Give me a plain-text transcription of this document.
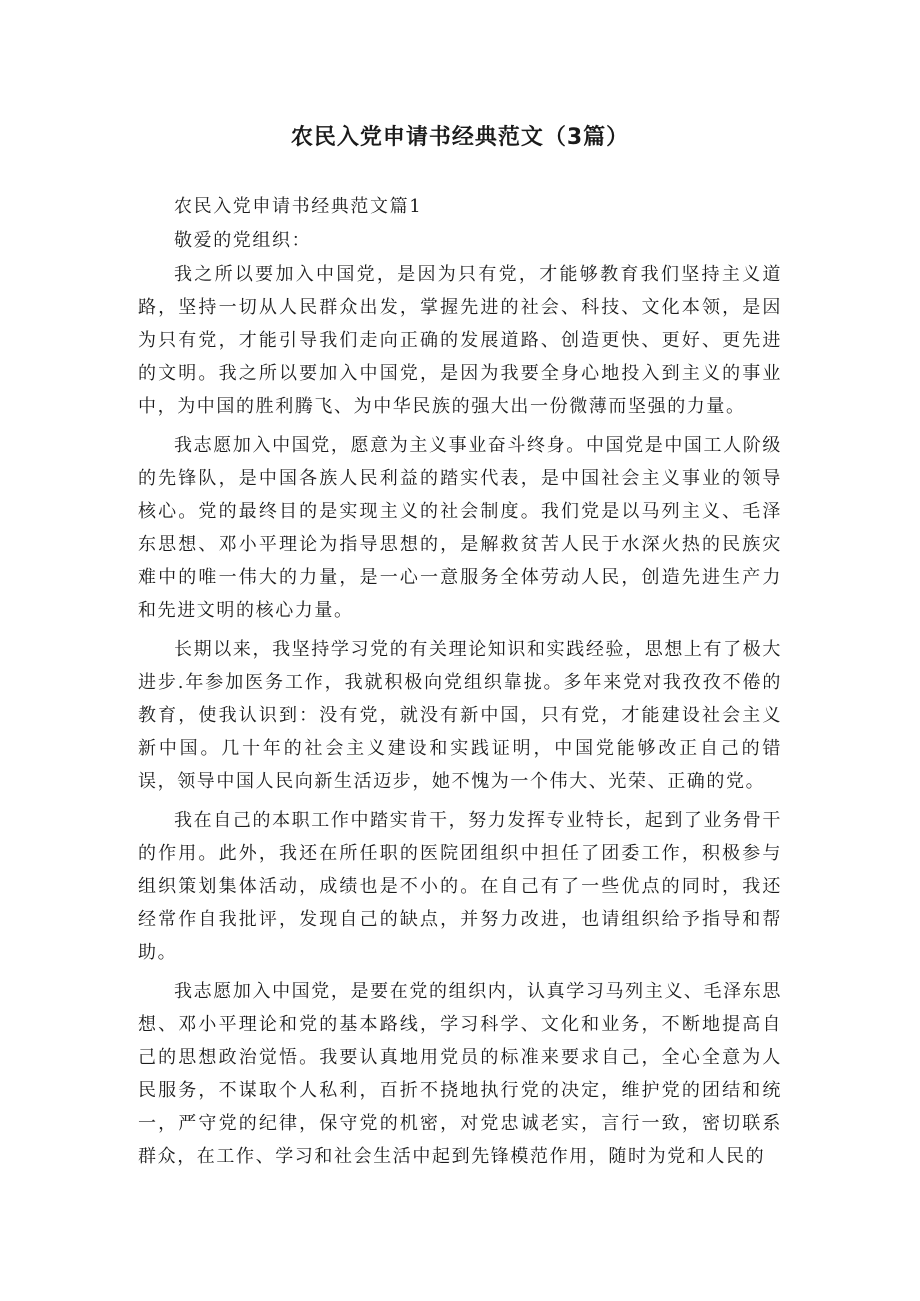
农民入党申请书经典范文（3篇）

农民入党申请书经典范文篇1

敬爱的党组织：

我之所以要加入中国党，是因为只有党，才能够教育我们坚持主义道路，坚持一切从人民群众出发，掌握先进的社会、科技、文化本领，是因为只有党，才能引导我们走向正确的发展道路、创造更快、更好、更先进的文明。我之所以要加入中国党，是因为我要全身心地投入到主义的事业中，为中国的胜利腾飞、为中华民族的强大出一份微薄而坚强的力量。

我志愿加入中国党，愿意为主义事业奋斗终身。中国党是中国工人阶级的先锋队，是中国各族人民利益的踏实代表，是中国社会主义事业的领导核心。党的最终目的是实现主义的社会制度。我们党是以马列主义、毛泽东思想、邓小平理论为指导思想的，是解救贫苦人民于水深火热的民族灾难中的唯一伟大的力量，是一心一意服务全体劳动人民，创造先进生产力和先进文明的核心力量。

长期以来，我坚持学习党的有关理论知识和实践经验，思想上有了极大进步.年参加医务工作，我就积极向党组织靠拢。多年来党对我孜孜不倦的教育，使我认识到：没有党，就没有新中国，只有党，才能建设社会主义新中国。几十年的社会主义建设和实践证明，中国党能够改正自己的错误，领导中国人民向新生活迈步，她不愧为一个伟大、光荣、正确的党。

我在自己的本职工作中踏实肯干，努力发挥专业特长，起到了业务骨干的作用。此外，我还在所任职的医院团组织中担任了团委工作，积极参与组织策划集体活动，成绩也是不小的。在自己有了一些优点的同时，我还经常作自我批评，发现自己的缺点，并努力改进，也请组织给予指导和帮助。

我志愿加入中国党，是要在党的组织内，认真学习马列主义、毛泽东思想、邓小平理论和党的基本路线，学习科学、文化和业务，不断地提高自己的思想政治觉悟。我要认真地用党员的标准来要求自己，全心全意为人民服务，不谋取个人私利，百折不挠地执行党的决定，维护党的团结和统一，严守党的纪律，保守党的机密，对党忠诚老实，言行一致，密切联系群众，在工作、学习和社会生活中起到先锋模范作用，随时为党和人民的
